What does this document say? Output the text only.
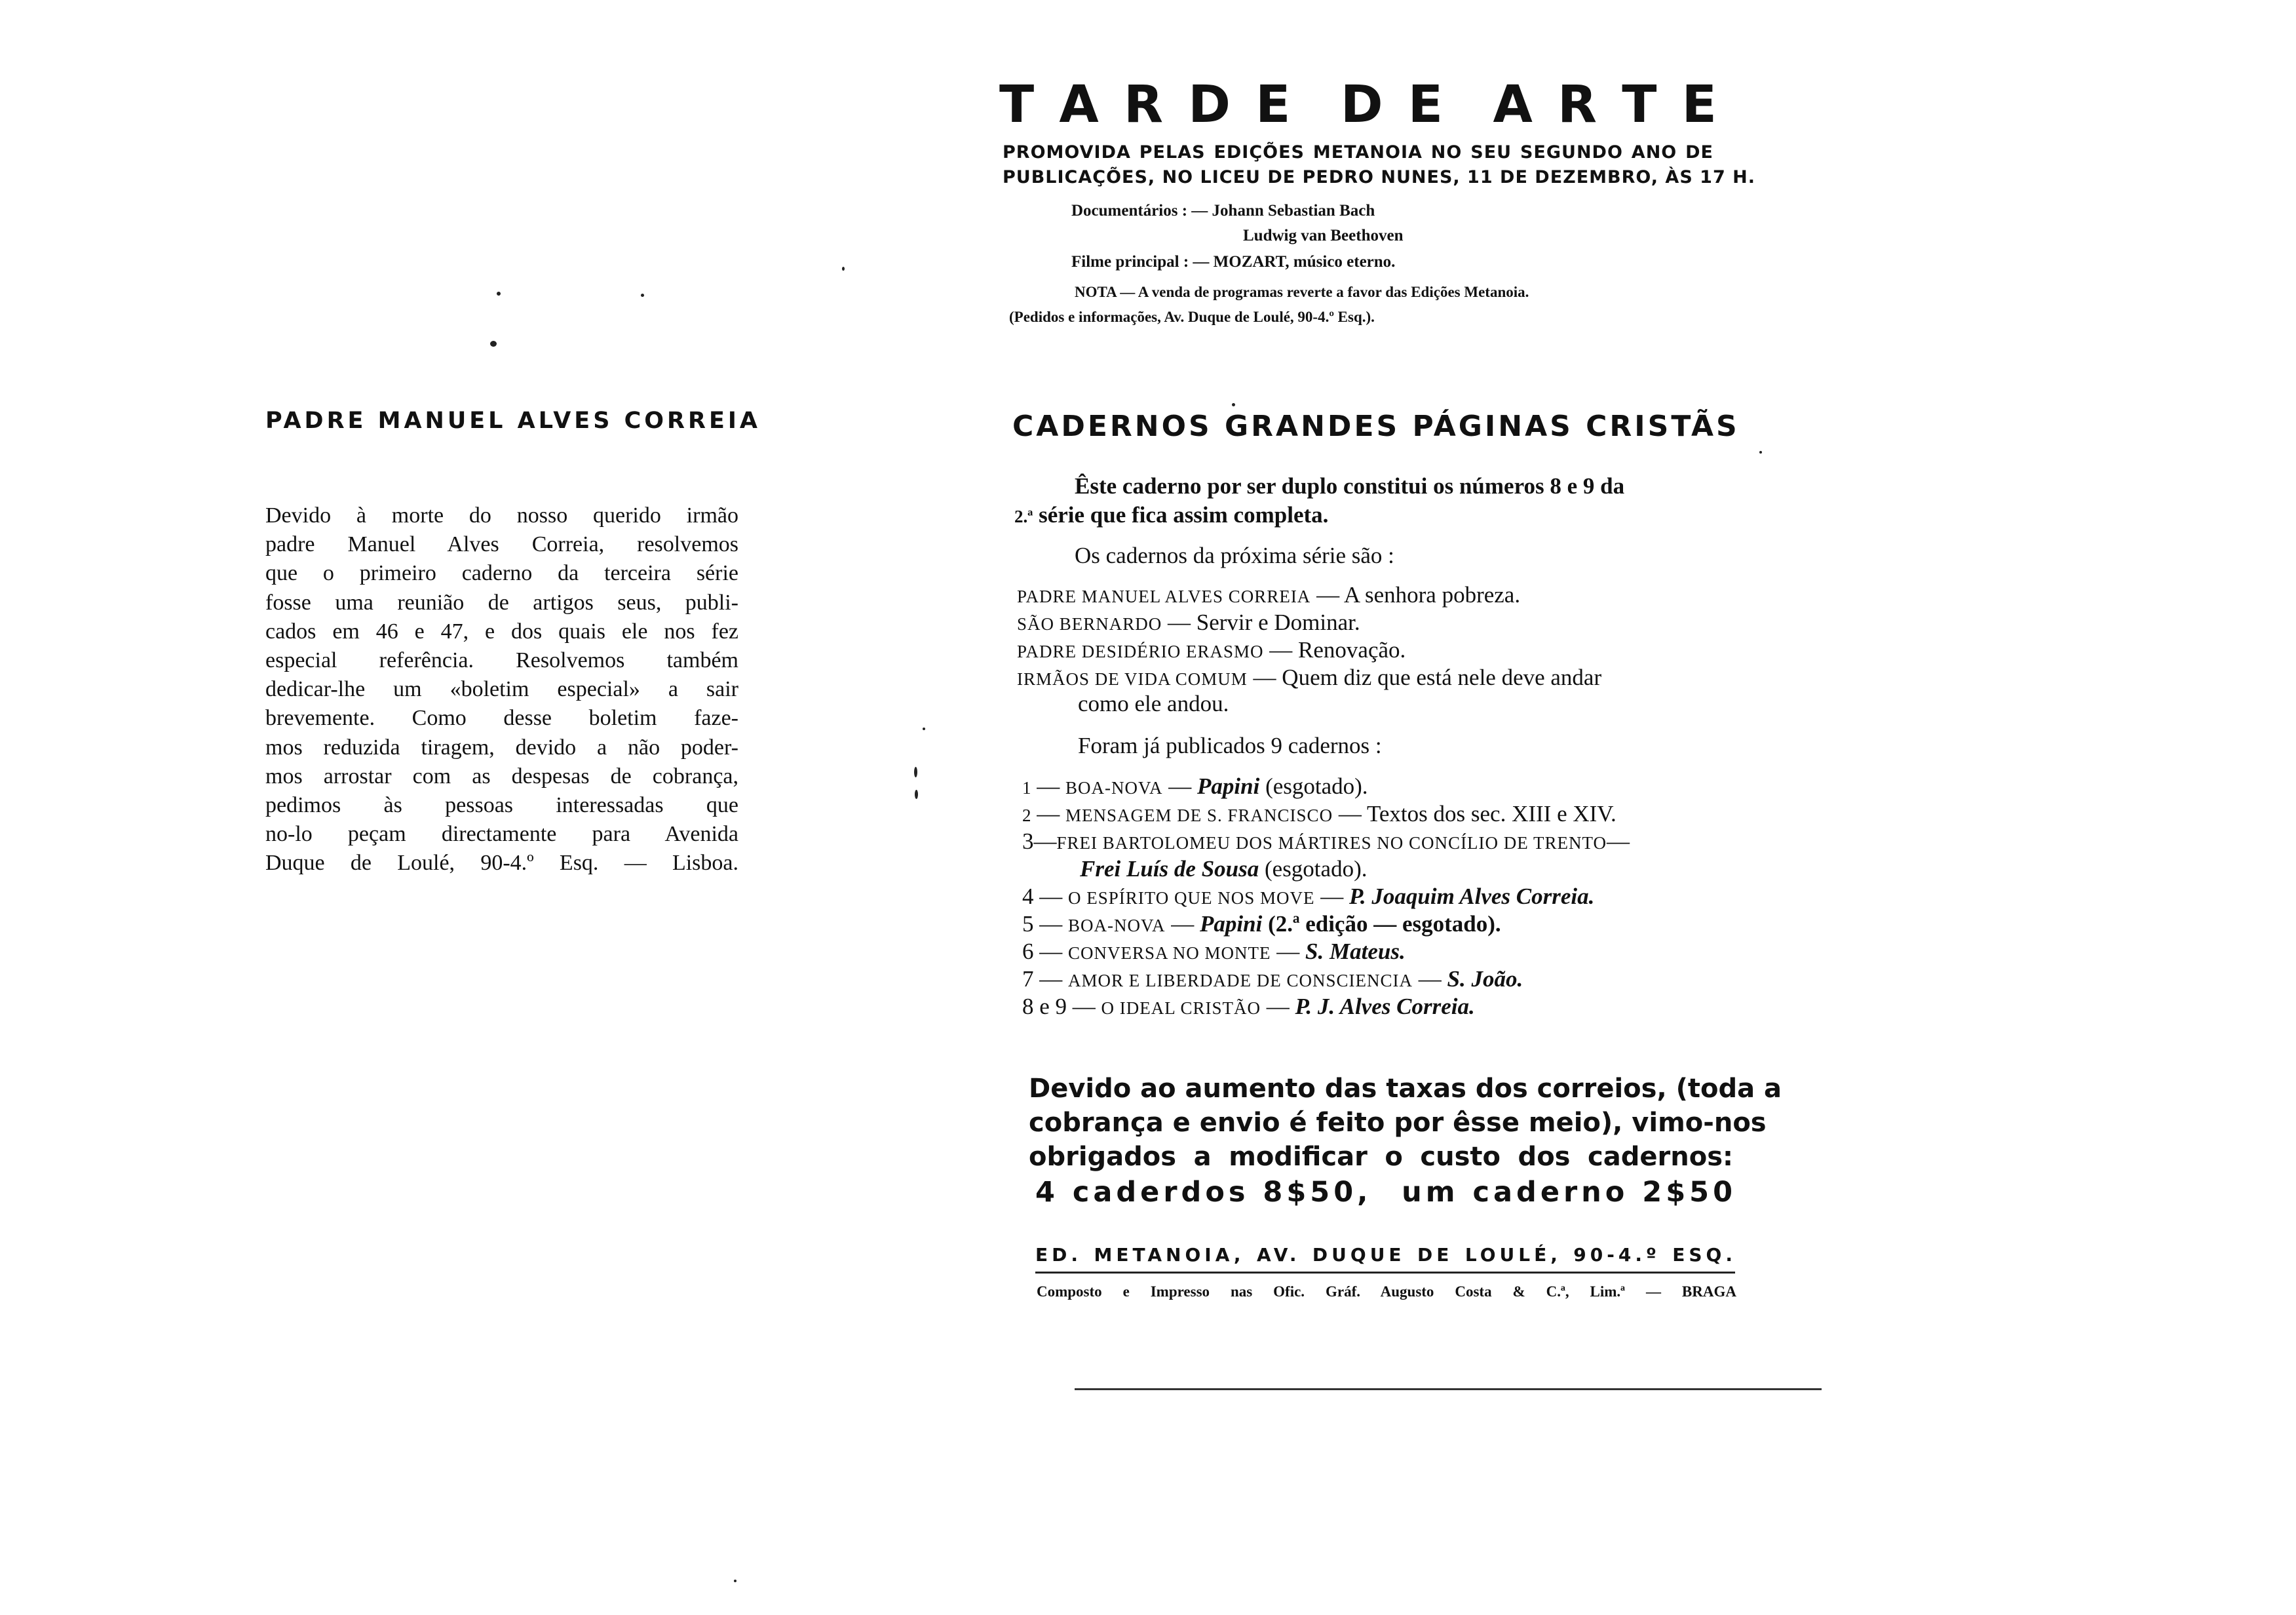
PADRE MANUEL ALVES CORREIA
Devido à morte do nosso querido irmão
padre Manuel Alves Correia, resolvemos
que o primeiro caderno da terceira série
fosse uma reunião de artigos seus, publi-
cados em 46 e 47, e dos quais ele nos fez
especial referência. Resolvemos também
dedicar-lhe um «boletim especial» a sair
brevemente. Como desse boletim faze-
mos reduzida tiragem, devido a não poder-
mos arrostar com as despesas de cobrança,
pedimos às pessoas interessadas que
no-lo peçam directamente para Avenida
Duque de Loulé, 90-4.º Esq. — Lisboa.
T A R D E D E A R T E
PROMOVIDA PELAS EDIÇÕES METANOIA NO SEU SEGUNDO ANO DE
PUBLICAÇÕES, NO LICEU DE PEDRO NUNES, 11 DE DEZEMBRO, ÀS 17 H.
Documentários : — Johann Sebastian Bach
Ludwig van Beethoven
Filme principal : — MOZART, músico eterno.
NOTA — A venda de programas reverte a favor das Edições Metanoia.
(Pedidos e informações, Av. Duque de Loulé, 90-4.º Esq.).
CADERNOS GRANDES PÁGINAS CRISTÃS
Êste caderno por ser duplo constitui os números 8 e 9 da
2.ª série que fica assim completa.
Os cadernos da próxima série são :
PADRE MANUEL ALVES CORREIA — A senhora pobreza.
SÃO BERNARDO — Servir e Dominar.
PADRE DESIDÉRIO ERASMO — Renovação.
IRMÃOS DE VIDA COMUM — Quem diz que está nele deve andar
como ele andou.
Foram já publicados 9 cadernos :
1 — BOA-NOVA — Papini (esgotado).
2 — MENSAGEM DE S. FRANCISCO — Textos dos sec. XIII e XIV.
3—FREI BARTOLOMEU DOS MÁRTIRES NO CONCÍLIO DE TRENTO—
Frei Luís de Sousa (esgotado).
4 — O ESPÍRITO QUE NOS MOVE — P. Joaquim Alves Correia.
5 — BOA-NOVA — Papini (2.ª edição — esgotado).
6 — CONVERSA NO MONTE — S. Mateus.
7 — AMOR E LIBERDADE DE CONSCIENCIA — S. João.
8 e 9 — O IDEAL CRISTÃO — P. J. Alves Correia.
Devido ao aumento das taxas dos correios, (toda a
cobrança e envio é feito por êsse meio), vimo-nos
obrigados a modificar o custo dos cadernos:
4 caderdos 8$50, um caderno 2$50
ED. METANOIA, AV. DUQUE DE LOULÉ, 90-4.º ESQ.
Composto e Impresso nas Ofic. Gráf. Augusto Costa & C.ª, Lim.ª — BRAGA
